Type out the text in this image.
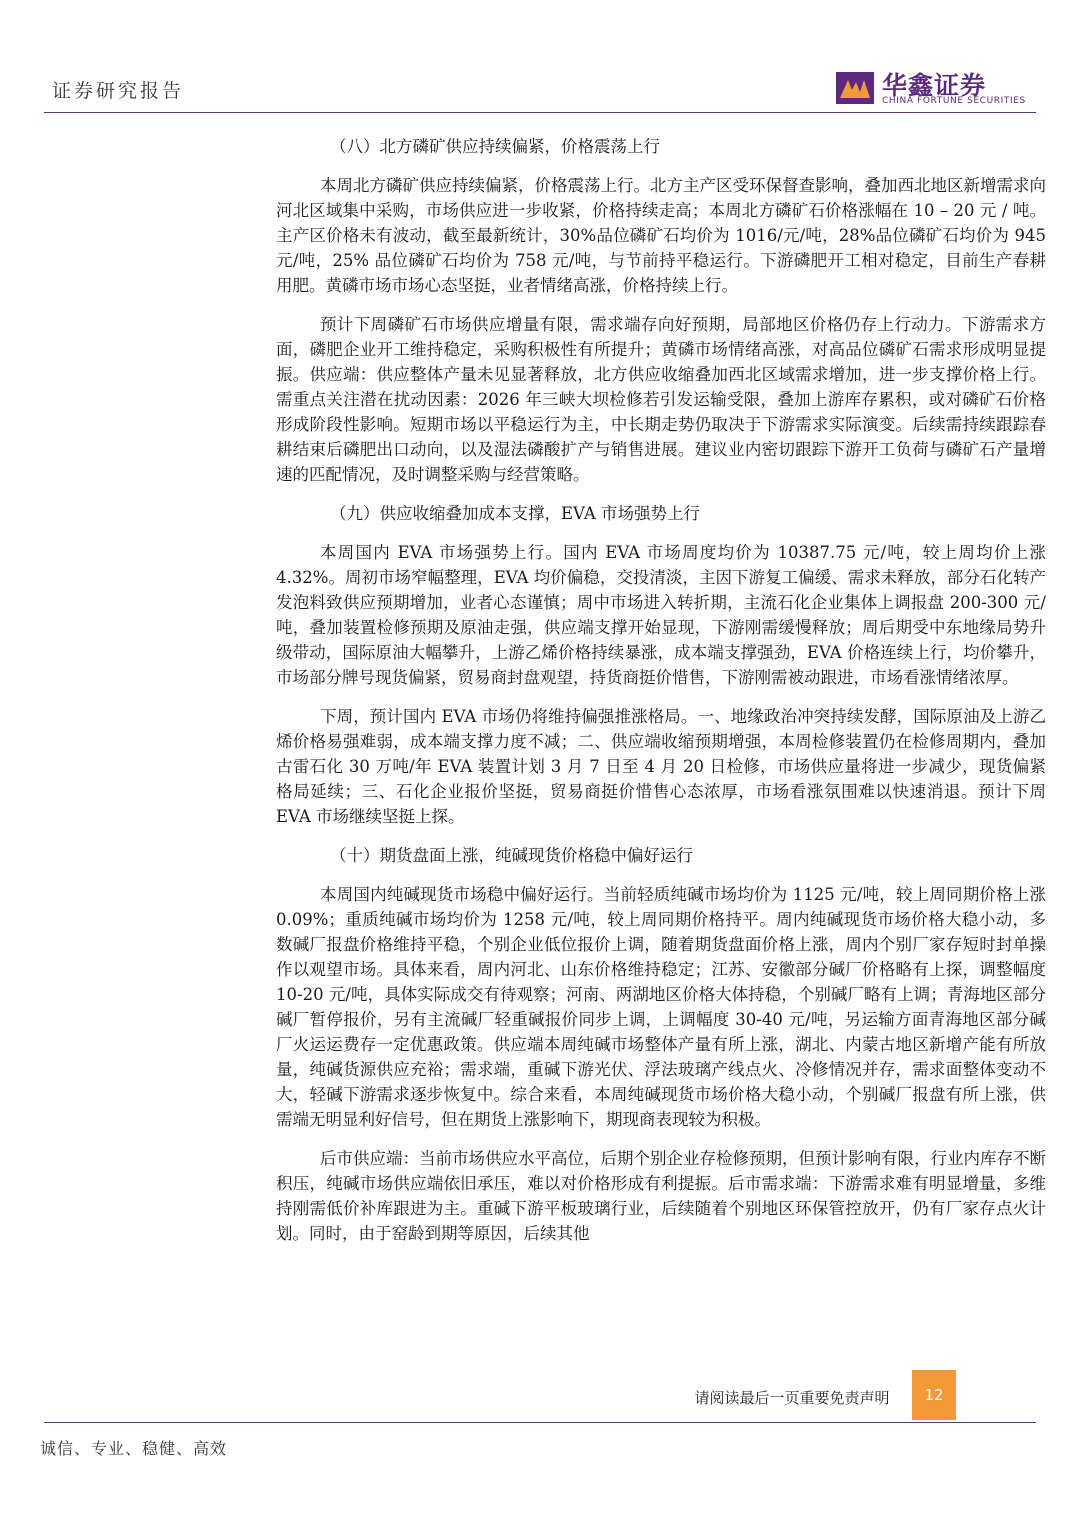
证券研究报告	华鑫证券
CHINA FORTUNE SECURITIES

（八）北方磷矿供应持续偏紧，价格震荡上行

本周北方磷矿供应持续偏紧，价格震荡上行。北方主产区受环保督查影响，叠加西北地区新增需求向河北区域集中采购，市场供应进一步收紧，价格持续走高；本周北方磷矿石价格涨幅在 10 – 20 元 / 吨。主产区价格未有波动，截至最新统计，30%品位磷矿石均价为 1016/元/吨，28%品位磷矿石均价为 945 元/吨，25% 品位磷矿石均价为 758 元/吨，与节前持平稳运行。下游磷肥开工相对稳定，目前生产春耕用肥。黄磷市场市场心态坚挺，业者情绪高涨，价格持续上行。

预计下周磷矿石市场供应增量有限，需求端存向好预期，局部地区价格仍存上行动力。下游需求方面，磷肥企业开工维持稳定，采购积极性有所提升；黄磷市场情绪高涨，对高品位磷矿石需求形成明显提振。供应端：供应整体产量未见显著释放，北方供应收缩叠加西北区域需求增加，进一步支撑价格上行。需重点关注潜在扰动因素：2026 年三峡大坝检修若引发运输受限，叠加上游库存累积，或对磷矿石价格形成阶段性影响。短期市场以平稳运行为主，中长期走势仍取决于下游需求实际演变。后续需持续跟踪春耕结束后磷肥出口动向，以及湿法磷酸扩产与销售进展。建议业内密切跟踪下游开工负荷与磷矿石产量增速的匹配情况，及时调整采购与经营策略。

（九）供应收缩叠加成本支撑，EVA 市场强势上行

本周国内 EVA 市场强势上行。国内 EVA 市场周度均价为 10387.75 元/吨，较上周均价上涨 4.32%。周初市场窄幅整理，EVA 均价偏稳，交投清淡，主因下游复工偏缓、需求未释放，部分石化转产发泡料致供应预期增加，业者心态谨慎；周中市场进入转折期，主流石化企业集体上调报盘 200-300 元/吨，叠加装置检修预期及原油走强，供应端支撑开始显现，下游刚需缓慢释放；周后期受中东地缘局势升级带动，国际原油大幅攀升，上游乙烯价格持续暴涨，成本端支撑强劲，EVA 价格连续上行，均价攀升，市场部分牌号现货偏紧，贸易商封盘观望，持货商挺价惜售，下游刚需被动跟进，市场看涨情绪浓厚。

下周，预计国内 EVA 市场仍将维持偏强推涨格局。一、地缘政治冲突持续发酵，国际原油及上游乙烯价格易强难弱，成本端支撑力度不减；二、供应端收缩预期增强，本周检修装置仍在检修周期内，叠加古雷石化 30 万吨/年 EVA 装置计划 3 月 7 日至 4 月 20 日检修，市场供应量将进一步减少，现货偏紧格局延续；三、石化企业报价坚挺，贸易商挺价惜售心态浓厚，市场看涨氛围难以快速消退。预计下周 EVA 市场继续坚挺上探。

（十）期货盘面上涨，纯碱现货价格稳中偏好运行

本周国内纯碱现货市场稳中偏好运行。当前轻质纯碱市场均价为 1125 元/吨，较上周同期价格上涨 0.09%；重质纯碱市场均价为 1258 元/吨，较上周同期价格持平。周内纯碱现货市场价格大稳小动，多数碱厂报盘价格维持平稳，个别企业低位报价上调，随着期货盘面价格上涨，周内个别厂家存短时封单操作以观望市场。具体来看，周内河北、山东价格维持稳定；江苏、安徽部分碱厂价格略有上探，调整幅度 10-20 元/吨，具体实际成交有待观察；河南、两湖地区价格大体持稳，个别碱厂略有上调；青海地区部分碱厂暂停报价，另有主流碱厂轻重碱报价同步上调，上调幅度 30-40 元/吨，另运输方面青海地区部分碱厂火运运费存一定优惠政策。供应端本周纯碱市场整体产量有所上涨，湖北、内蒙古地区新增产能有所放量，纯碱货源供应充裕；需求端，重碱下游光伏、浮法玻璃产线点火、冷修情况并存，需求面整体变动不大，轻碱下游需求逐步恢复中。综合来看，本周纯碱现货市场价格大稳小动，个别碱厂报盘有所上涨，供需端无明显利好信号，但在期货上涨影响下，期现商表现较为积极。

后市供应端：当前市场供应水平高位，后期个别企业存检修预期，但预计影响有限，行业内库存不断积压，纯碱市场供应端依旧承压，难以对价格形成有利提振。后市需求端：下游需求难有明显增量，多维持刚需低价补库跟进为主。重碱下游平板玻璃行业，后续随着个别地区环保管控放开，仍有厂家存点火计划。同时，由于窑龄到期等原因，后续其他

请阅读最后一页重要免责声明	12
诚信、专业、稳健、高效
